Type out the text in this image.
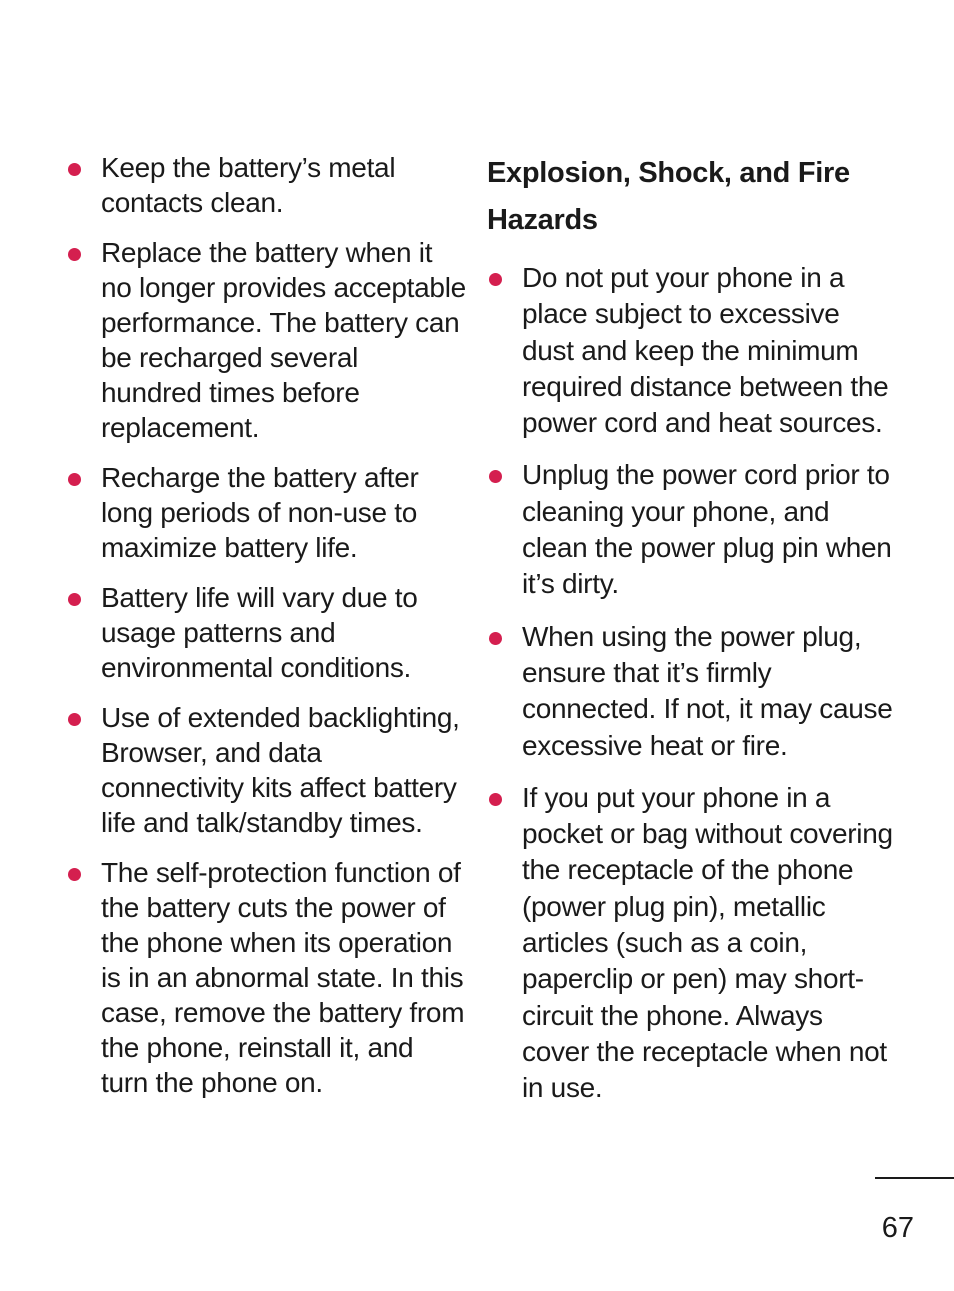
Keep the battery’s metal contacts clean.
Replace the battery when it no longer provides acceptable performance. The battery can be recharged several hundred times before replacement.
Recharge the battery after long periods of non-use to maximize battery life.
Battery life will vary due to usage patterns and environmental conditions.
Use of extended backlighting, Browser, and data connectivity kits affect battery life and talk/standby times.
The self-protection function of the battery cuts the power of the phone when its operation is in an abnormal state. In this case, remove the battery from the phone, reinstall it, and turn the phone on.
Explosion, Shock, and Fire
Hazards
Do not put your phone in a place subject to excessive dust and keep the minimum required distance between the power cord and heat sources.
Unplug the power cord prior to cleaning your phone, and clean the power plug pin when it’s dirty.
When using the power plug, ensure that it’s firmly connected. If not, it may cause excessive heat or fire.
If you put your phone in a pocket or bag without covering the receptacle of the phone (power plug pin), metallic articles (such as a coin, paperclip or pen) may short-circuit the phone. Always cover the receptacle when not in use.
67
